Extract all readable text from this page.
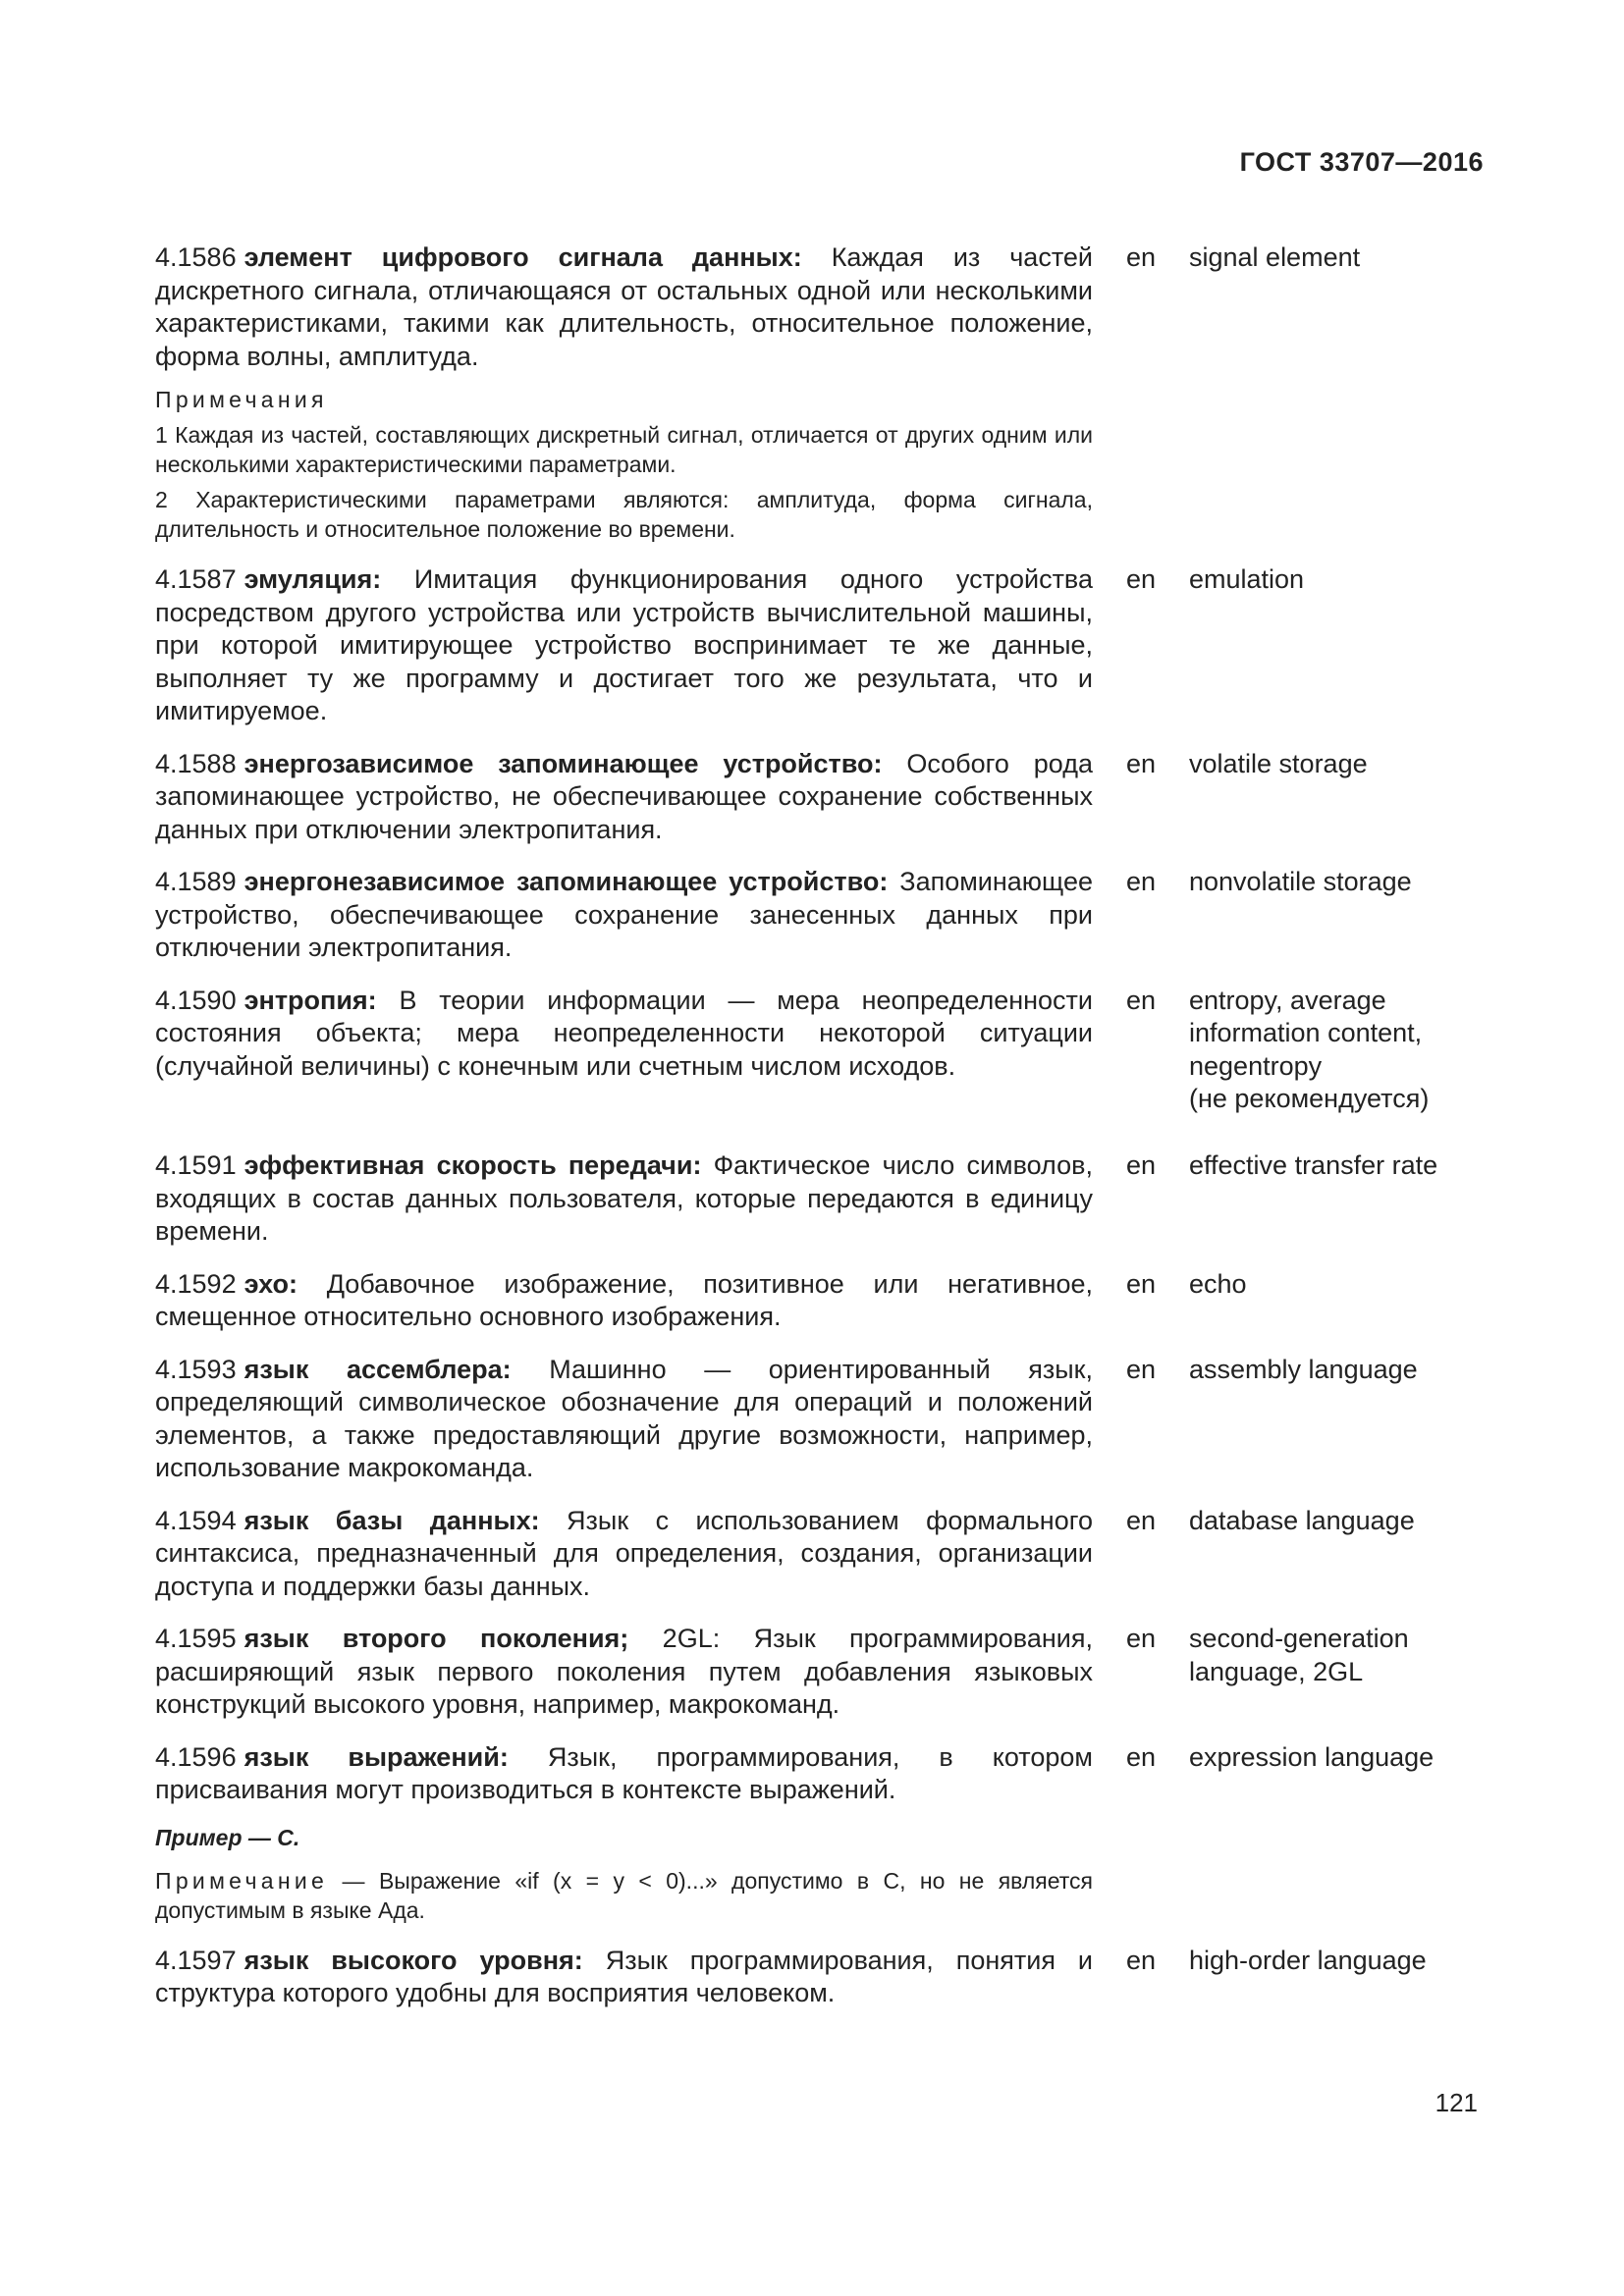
ГОСТ 33707—2016
4.1586 элемент цифрового сигнала данных: Каждая из частей дискретного сигнала, отличающаяся от остальных одной или несколькими характеристиками, такими как длительность, относительное положение, форма волны, амплитуда.
en signal element
Примечания
1 Каждая из частей, составляющих дискретный сигнал, отличается от других одним или несколькими характеристическими параметрами.
2 Характеристическими параметрами являются: амплитуда, форма сигнала, длительность и относительное положение во времени.
4.1587 эмуляция: Имитация функционирования одного устройства посредством другого устройства или устройств вычислительной машины, при которой имитирующее устройство воспринимает те же данные, выполняет ту же программу и достигает того же результата, что и имитируемое.
en emulation
4.1588 энергозависимое запоминающее устройство: Особого рода запоминающее устройство, не обеспечивающее сохранение собственных данных при отключении электропитания.
en volatile storage
4.1589 энергонезависимое запоминающее устройство: Запоминающее устройство, обеспечивающее сохранение занесенных данных при отключении электропитания.
en nonvolatile storage
4.1590 энтропия: В теории информации — мера неопределенности состояния объекта; мера неопределенности некоторой ситуации (случайной величины) с конечным или счетным числом исходов.
en entropy, average
information content,
negentropy
(не рекомендуется)
4.1591 эффективная скорость передачи: Фактическое число символов, входящих в состав данных пользователя, которые передаются в единицу времени.
en effective transfer rate
4.1592 эхо: Добавочное изображение, позитивное или негативное, смещенное относительно основного изображения.
en echo
4.1593 язык ассемблера: Машинно — ориентированный язык, определяющий символическое обозначение для операций и положений элементов, а также предоставляющий другие возможности, например, использование макрокоманда.
en assembly language
4.1594 язык базы данных: Язык с использованием формального синтаксиса, предназначенный для определения, создания, организации доступа и поддержки базы данных.
en database language
4.1595 язык второго поколения; 2GL: Язык программирования, расширяющий язык первого поколения путем добавления языковых конструкций высокого уровня, например, макрокоманд.
en second-generation
language, 2GL
4.1596 язык выражений: Язык, программирования, в котором присваивания могут производиться в контексте выражений.
en expression language
Пример — С.
Примечание — Выражение «if (x = y < 0)...» допустимо в С, но не является допустимым в языке Ада.
4.1597 язык высокого уровня: Язык программирования, понятия и структура которого удобны для восприятия человеком.
en high-order language
121
